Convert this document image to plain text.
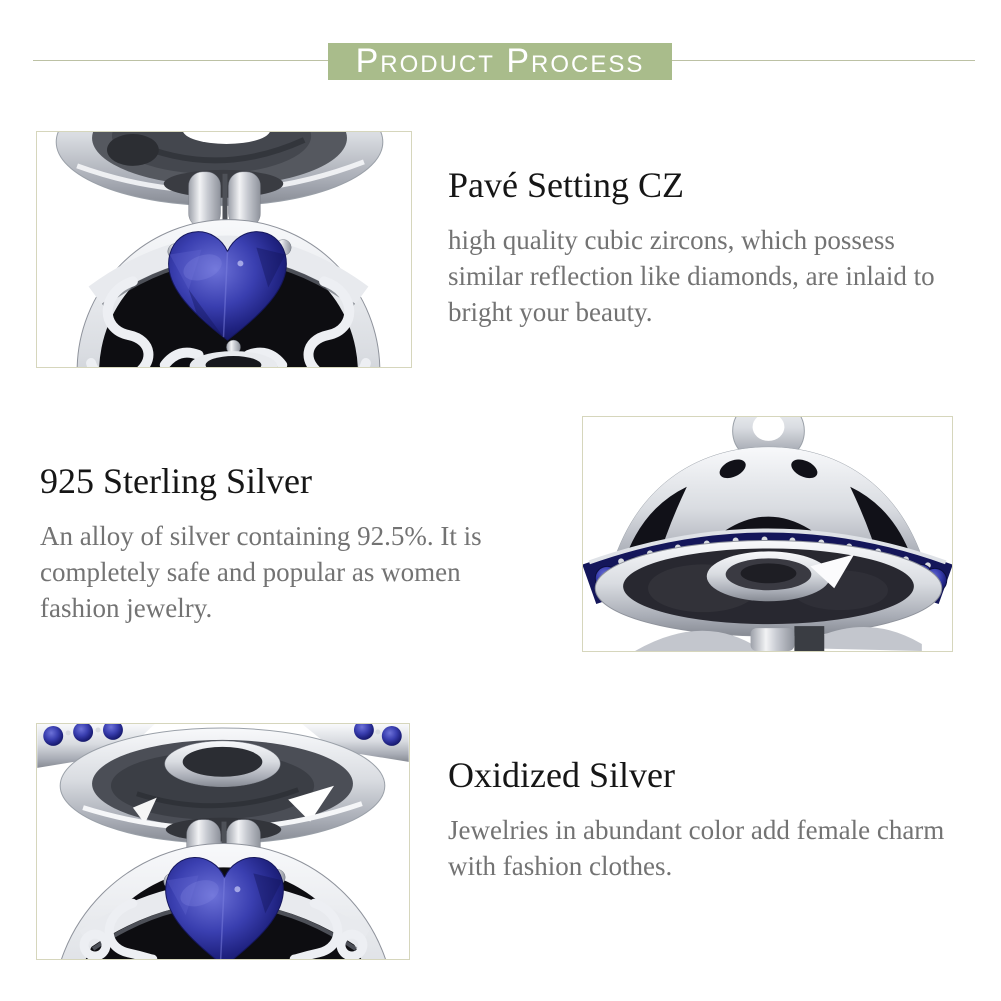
Product Process
Pavé Setting CZ

high quality cubic zircons, which possess similar reflection like diamonds, are inlaid to bright your beauty.

925 Sterling Silver

An alloy of silver containing 92.5%. It is completely safe and popular as women fashion jewelry.

Oxidized Silver

Jewelries in abundant color add female charm with fashion clothes.
